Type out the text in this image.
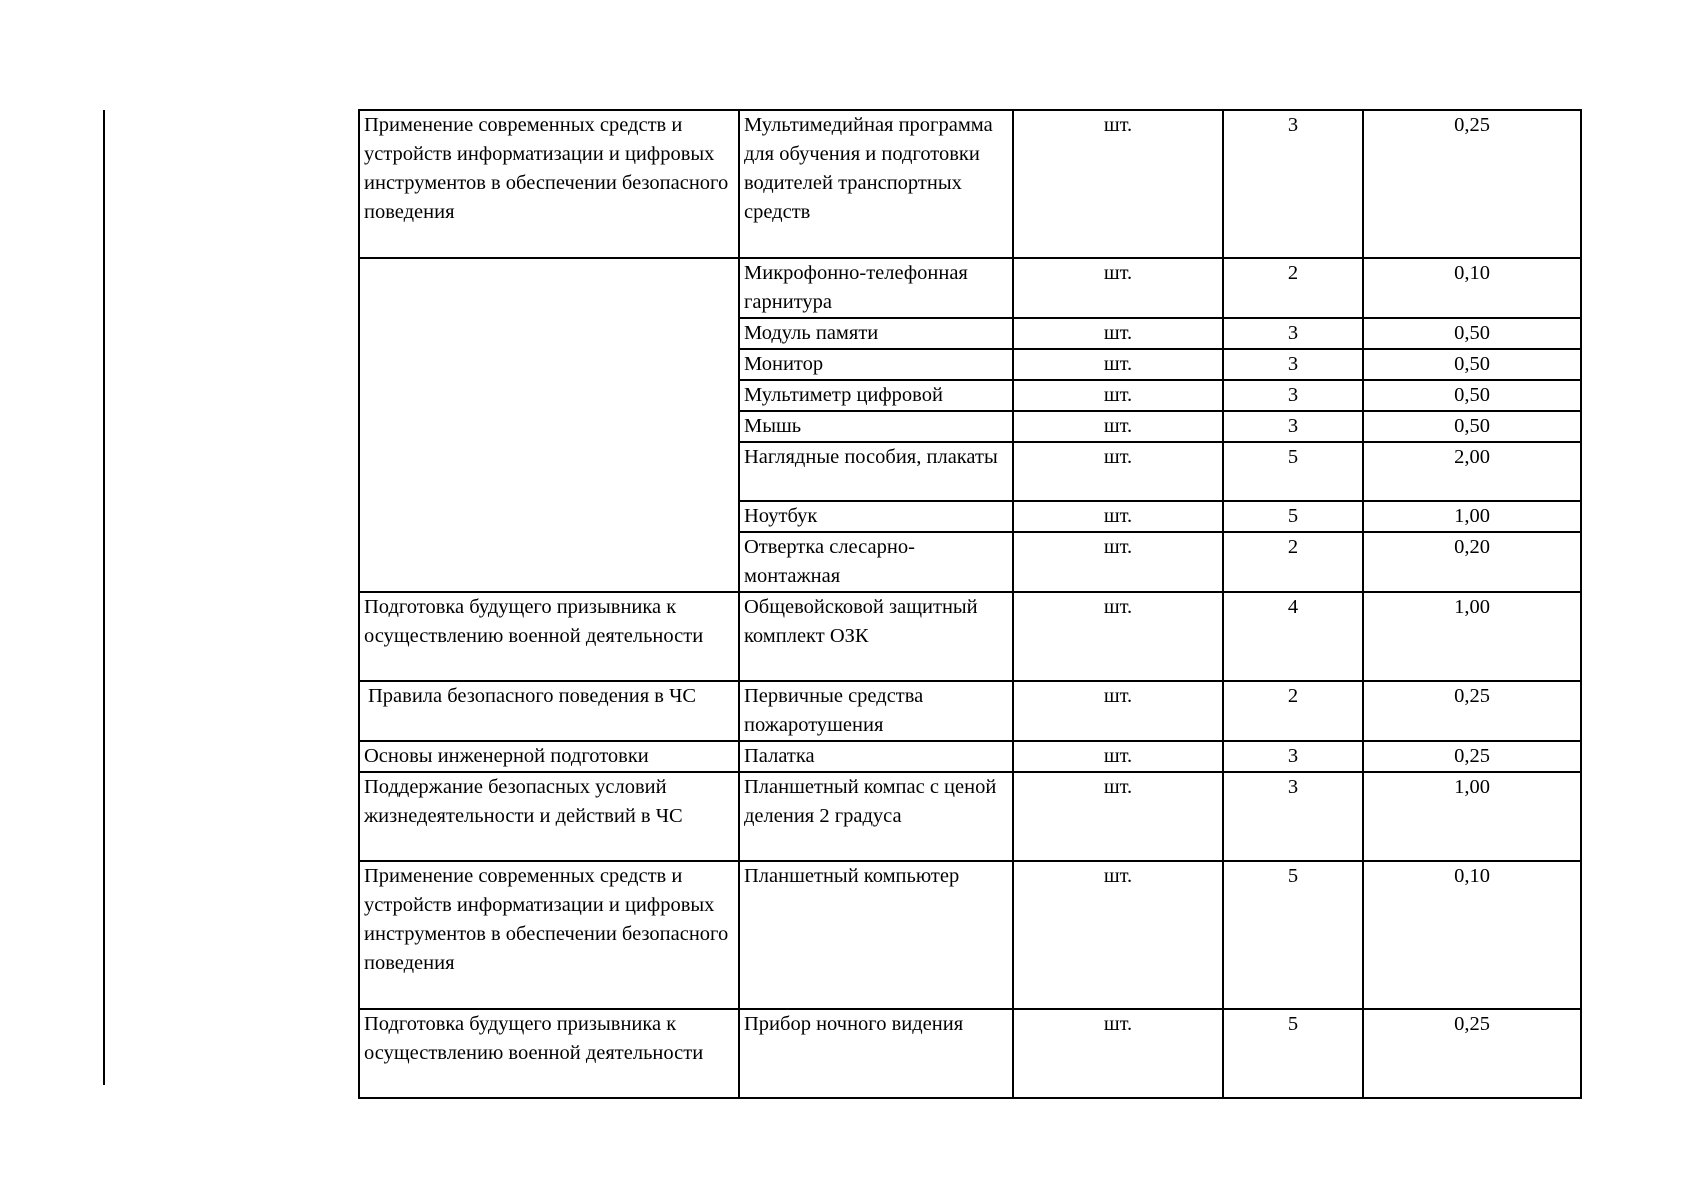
Применение современных средств и устройств информатизации и цифровых инструментов в обеспечении безопасного поведения	Мультимедийная программа для обучения и подготовки водителей транспортных средств	шт.	3	0,25
	Микрофонно-телефонная гарнитура	шт.	2	0,10
	Модуль памяти	шт.	3	0,50
	Монитор	шт.	3	0,50
	Мультиметр цифровой	шт.	3	0,50
	Мышь	шт.	3	0,50
	Наглядные пособия, плакаты	шт.	5	2,00
	Ноутбук	шт.	5	1,00
	Отвертка слесарно-монтажная	шт.	2	0,20
Подготовка будущего призывника к осуществлению военной деятельности	Общевойсковой защитный комплект ОЗК	шт.	4	1,00
Правила безопасного поведения в ЧС	Первичные средства пожаротушения	шт.	2	0,25
Основы инженерной подготовки	Палатка	шт.	3	0,25
Поддержание безопасных условий жизнедеятельности и действий в ЧС	Планшетный компас с ценой деления 2 градуса	шт.	3	1,00
Применение современных средств и устройств информатизации и цифровых инструментов в обеспечении безопасного поведения	Планшетный компьютер	шт.	5	0,10
Подготовка будущего призывника к осуществлению военной деятельности	Прибор ночного видения	шт.	5	0,25
